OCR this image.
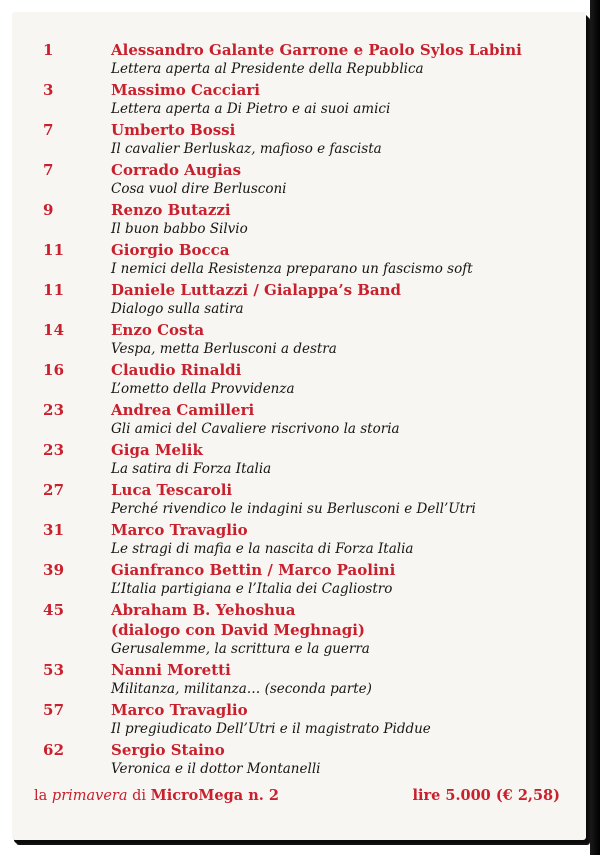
1	Alessandro Galante Garrone e Paolo Sylos Labini
Lettera aperta al Presidente della Repubblica
3	Massimo Cacciari
Lettera aperta a Di Pietro e ai suoi amici
7	Umberto Bossi
Il cavalier Berluskaz, mafioso e fascista
7	Corrado Augias
Cosa vuol dire Berlusconi
9	Renzo Butazzi
Il buon babbo Silvio
11	Giorgio Bocca
I nemici della Resistenza preparano un fascismo soft
11	Daniele Luttazzi / Gialappa’s Band
Dialogo sulla satira
14	Enzo Costa
Vespa, metta Berlusconi a destra
16	Claudio Rinaldi
L’ometto della Provvidenza
23	Andrea Camilleri
Gli amici del Cavaliere riscrivono la storia
23	Giga Melik
La satira di Forza Italia
27	Luca Tescaroli
Perché rivendico le indagini su Berlusconi e Dell’Utri
31	Marco Travaglio
Le stragi di mafia e la nascita di Forza Italia
39	Gianfranco Bettin / Marco Paolini
L’Italia partigiana e l’Italia dei Cagliostro
45	Abraham B. Yehoshua
(dialogo con David Meghnagi)
Gerusalemme, la scrittura e la guerra
53	Nanni Moretti
Militanza, militanza… (seconda parte)
57	Marco Travaglio
Il pregiudicato Dell’Utri e il magistrato Piddue
62	Sergio Staino
Veronica e il dottor Montanelli
la primavera di MicroMega n. 2	lire 5.000 (€ 2,58)
